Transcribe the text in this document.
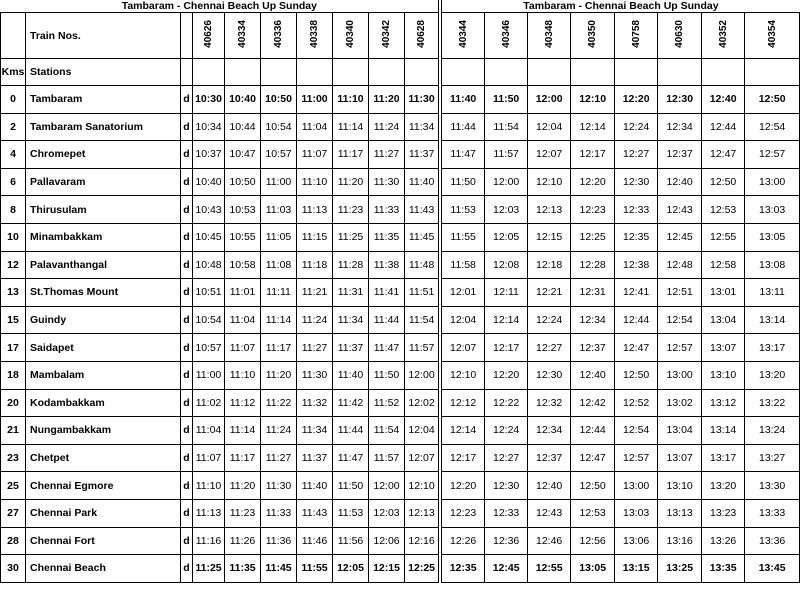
Tambaram - Chennai Beach Up Sunday											Tambaram - Chennai Beach Up Sunday							
	Train Nos.		40626	40334	40336	40338	40340	40342	40628		40344	40346	40348	40350	40758	40630	40352	40354
Kms	Stations																	
0	Tambaram	d	10:30	10:40	10:50	11:00	11:10	11:20	11:30		11:40	11:50	12:00	12:10	12:20	12:30	12:40	12:50
2	Tambaram Sanatorium	d	10:34	10:44	10:54	11:04	11:14	11:24	11:34		11:44	11:54	12:04	12:14	12:24	12:34	12:44	12:54
4	Chromepet	d	10:37	10:47	10:57	11:07	11:17	11:27	11:37		11:47	11:57	12:07	12:17	12:27	12:37	12:47	12:57
6	Pallavaram	d	10:40	10:50	11:00	11:10	11:20	11:30	11:40		11:50	12:00	12:10	12:20	12:30	12:40	12:50	13:00
8	Thirusulam	d	10:43	10:53	11:03	11:13	11:23	11:33	11:43		11:53	12:03	12:13	12:23	12:33	12:43	12:53	13:03
10	Minambakkam	d	10:45	10:55	11:05	11:15	11:25	11:35	11:45		11:55	12:05	12:15	12:25	12:35	12:45	12:55	13:05
12	Palavanthangal	d	10:48	10:58	11:08	11:18	11:28	11:38	11:48		11:58	12:08	12:18	12:28	12:38	12:48	12:58	13:08
13	St.Thomas Mount	d	10:51	11:01	11:11	11:21	11:31	11:41	11:51		12:01	12:11	12:21	12:31	12:41	12:51	13:01	13:11
15	Guindy	d	10:54	11:04	11:14	11:24	11:34	11:44	11:54		12:04	12:14	12:24	12:34	12:44	12:54	13:04	13:14
17	Saidapet	d	10:57	11:07	11:17	11:27	11:37	11:47	11:57		12:07	12:17	12:27	12:37	12:47	12:57	13:07	13:17
18	Mambalam	d	11:00	11:10	11:20	11:30	11:40	11:50	12:00		12:10	12:20	12:30	12:40	12:50	13:00	13:10	13:20
20	Kodambakkam	d	11:02	11:12	11:22	11:32	11:42	11:52	12:02		12:12	12:22	12:32	12:42	12:52	13:02	13:12	13:22
21	Nungambakkam	d	11:04	11:14	11:24	11:34	11:44	11:54	12:04		12:14	12:24	12:34	12:44	12:54	13:04	13:14	13:24
23	Chetpet	d	11:07	11:17	11:27	11:37	11:47	11:57	12:07		12:17	12:27	12:37	12:47	12:57	13:07	13:17	13:27
25	Chennai Egmore	d	11:10	11:20	11:30	11:40	11:50	12:00	12:10		12:20	12:30	12:40	12:50	13:00	13:10	13:20	13:30
27	Chennai Park	d	11:13	11:23	11:33	11:43	11:53	12:03	12:13		12:23	12:33	12:43	12:53	13:03	13:13	13:23	13:33
28	Chennai Fort	d	11:16	11:26	11:36	11:46	11:56	12:06	12:16		12:26	12:36	12:46	12:56	13:06	13:16	13:26	13:36
30	Chennai Beach	d	11:25	11:35	11:45	11:55	12:05	12:15	12:25		12:35	12:45	12:55	13:05	13:15	13:25	13:35	13:45
